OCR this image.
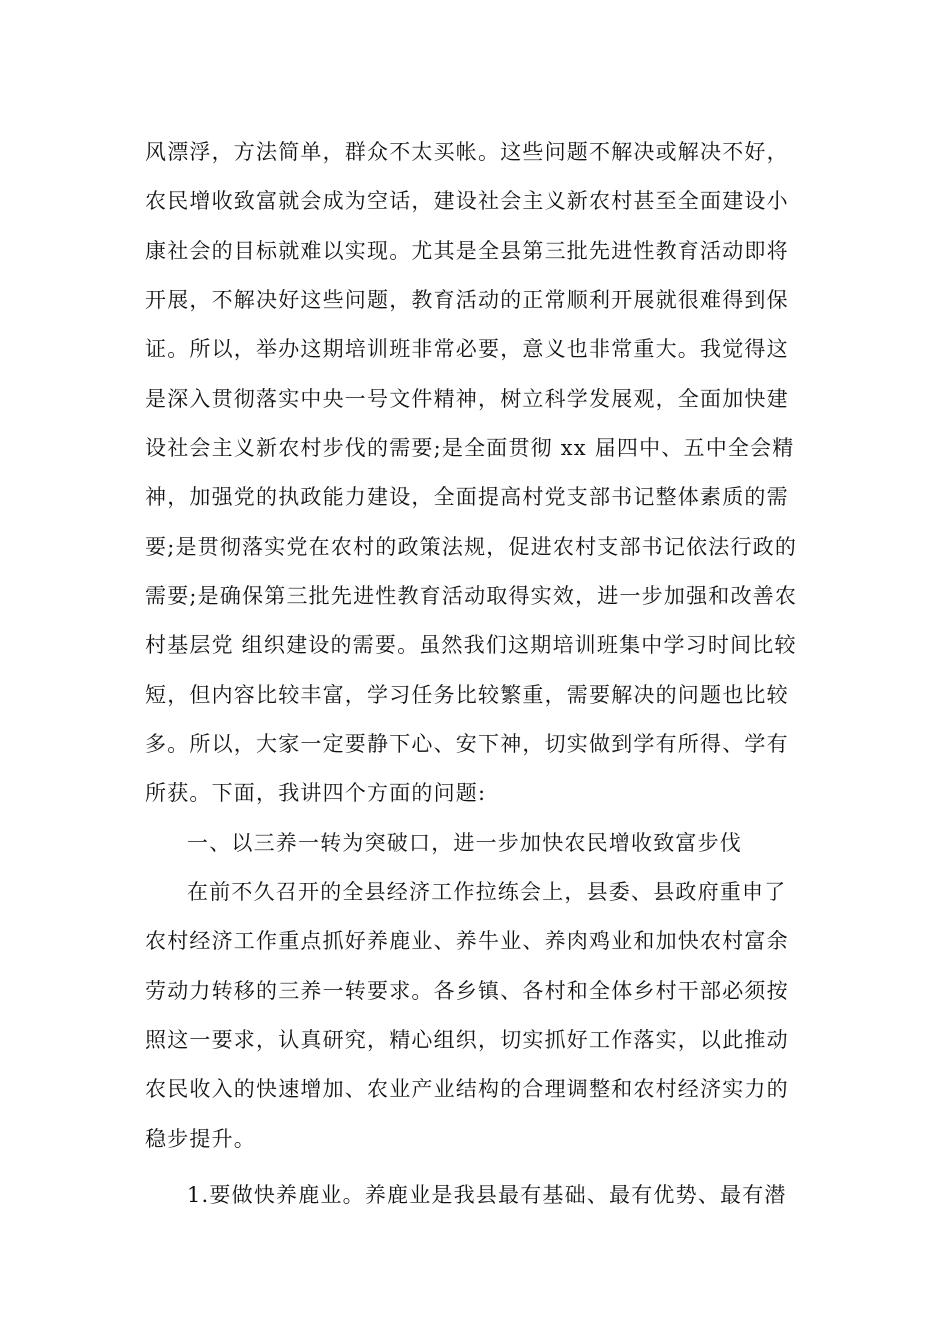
风漂浮，方法简单，群众不太买帐。这些问题不解决或解决不好，
农民增收致富就会成为空话，建设社会主义新农村甚至全面建设小
康社会的目标就难以实现。尤其是全县第三批先进性教育活动即将
开展，不解决好这些问题，教育活动的正常顺利开展就很难得到保
证。所以，举办这期培训班非常必要，意义也非常重大。我觉得这
是深入贯彻落实中央一号文件精神，树立科学发展观，全面加快建
设社会主义新农村步伐的需要;是全面贯彻 xx 届四中、五中全会精
神，加强党的执政能力建设，全面提高村党支部书记整体素质的需
要;是贯彻落实党在农村的政策法规，促进农村支部书记依法行政的
需要;是确保第三批先进性教育活动取得实效，进一步加强和改善农
村基层党 组织建设的需要。虽然我们这期培训班集中学习时间比较
短，但内容比较丰富，学习任务比较繁重，需要解决的问题也比较
多。所以，大家一定要静下心、安下神，切实做到学有所得、学有
所获。下面，我讲四个方面的问题:
一、以三养一转为突破口，进一步加快农民增收致富步伐
在前不久召开的全县经济工作拉练会上，县委、县政府重申了
农村经济工作重点抓好养鹿业、养牛业、养肉鸡业和加快农村富余
劳动力转移的三养一转要求。各乡镇、各村和全体乡村干部必须按
照这一要求，认真研究，精心组织，切实抓好工作落实，以此推动
农民收入的快速增加、农业产业结构的合理调整和农村经济实力的
稳步提升。
1.要做快养鹿业。养鹿业是我县最有基础、最有优势、最有潜
